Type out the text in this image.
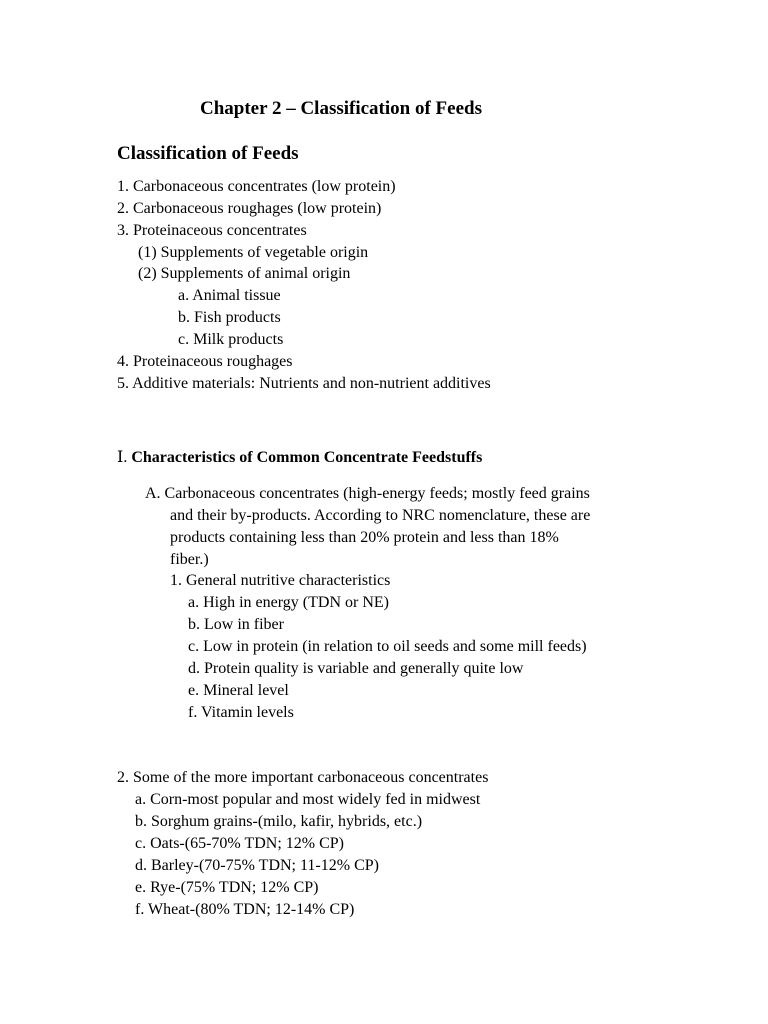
Chapter 2 – Classification of Feeds
Classification of Feeds
1. Carbonaceous concentrates (low protein)
2. Carbonaceous roughages (low protein)
3. Proteinaceous concentrates
(1) Supplements of vegetable origin
(2) Supplements of animal origin
a. Animal tissue
b. Fish products
c. Milk products
4. Proteinaceous roughages
5. Additive materials: Nutrients and non-nutrient additives
Ⅰ. Characteristics of Common Concentrate Feedstuffs
A. Carbonaceous concentrates (high-energy feeds; mostly feed grains
and their by-products. According to NRC nomenclature, these are
products containing less than 20% protein and less than 18%
fiber.)
1. General nutritive characteristics
a. High in energy (TDN or NE)
b. Low in fiber
c. Low in protein (in relation to oil seeds and some mill feeds)
d. Protein quality is variable and generally quite low
e. Mineral level
f. Vitamin levels
2. Some of the more important carbonaceous concentrates
a. Corn-most popular and most widely fed in midwest
b. Sorghum grains-(milo, kafir, hybrids, etc.)
c. Oats-(65-70% TDN; 12% CP)
d. Barley-(70-75% TDN; 11-12% CP)
e. Rye-(75% TDN; 12% CP)
f. Wheat-(80% TDN; 12-14% CP)
